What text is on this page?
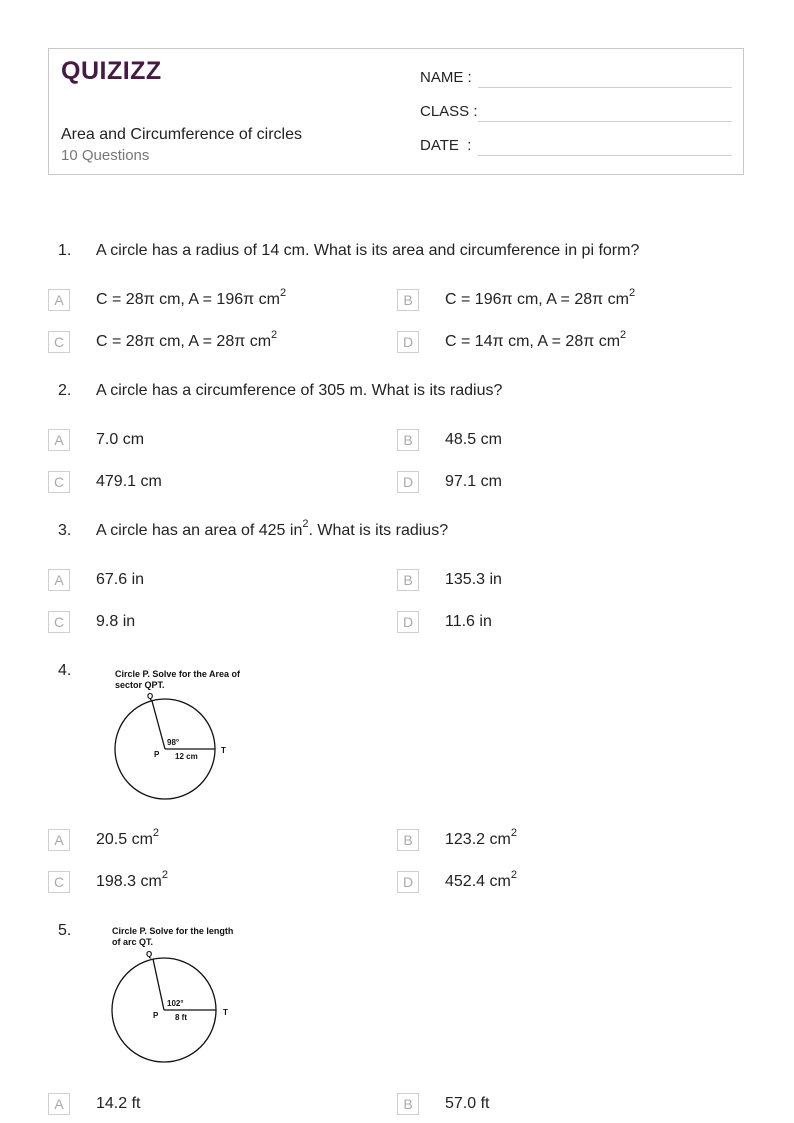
QUIZIZZ
Area and Circumference of circles
10 Questions
NAME :
CLASS :
DATE  :
1. A circle has a radius of 14 cm. What is its area and circumference in pi form?
A	C = 28π cm, A = 196π $cm^2$	B	C = 196π cm, A = 28π $cm^2$
C	C = 28π cm, A = 28π $cm^2$	D	C = 14π cm, A = 28π $cm^2$
2. A circle has a circumference of 305 m. What is its radius?
A	7.0 cm	B	48.5 cm
C	479.1 cm	D	97.1 cm
3. A circle has an area of 425 $in^2$. What is its radius?
A	67.6 in	B	135.3 in
C	9.8 in	D	11.6 in
4.	Circle P. Solve for the Area of
sector QPT.
Q
P	T
98°
12 cm
A	20.5 $cm^2$	B	123.2 $cm^2$
C	198.3 $cm^2$	D	452.4 $cm^2$
5.	Circle P. Solve for the length
of arc QT.
Q
P	T
102°
8 ft
A	14.2 ft	B	57.0 ft
